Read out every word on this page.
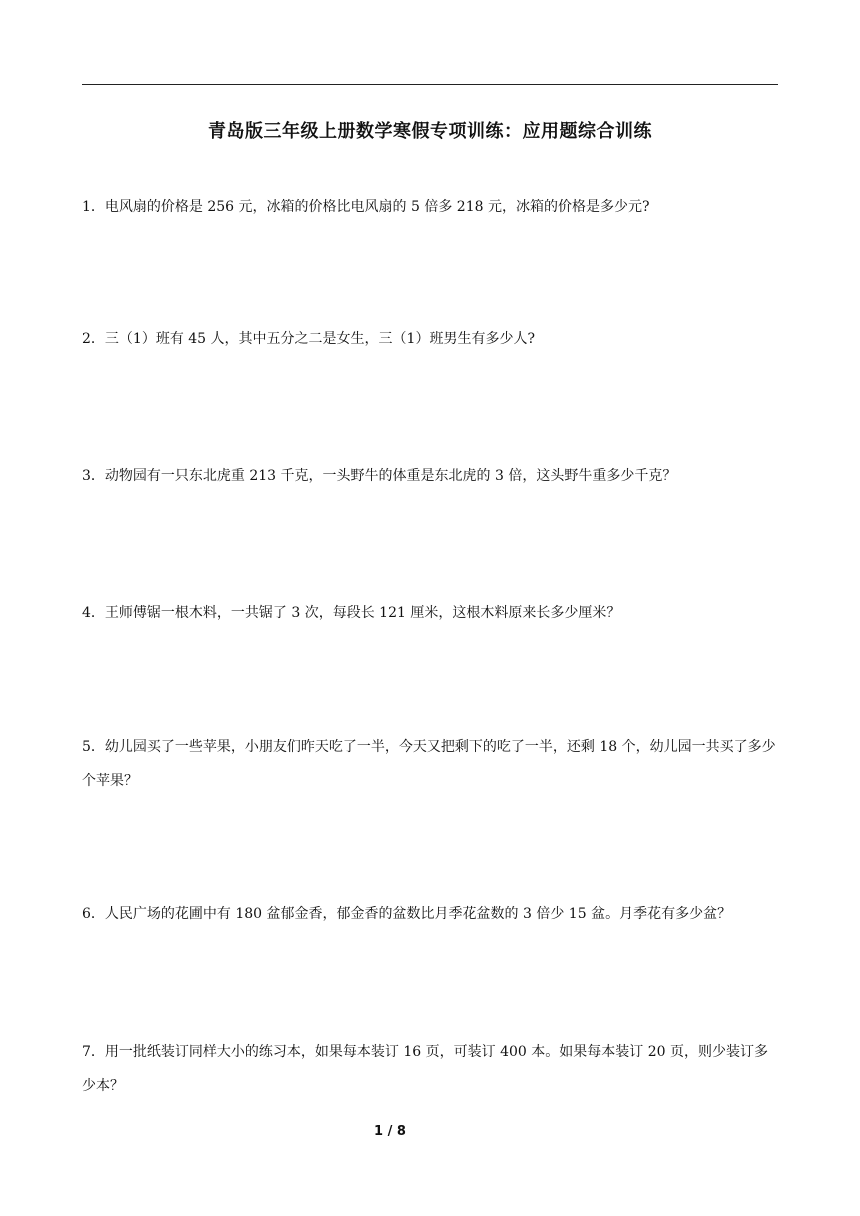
青岛版三年级上册数学寒假专项训练：应用题综合训练
1．电风扇的价格是 256 元，冰箱的价格比电风扇的 5 倍多 218 元，冰箱的价格是多少元?
2．三（1）班有 45 人，其中五分之二是女生，三（1）班男生有多少人?
3．动物园有一只东北虎重 213 千克，一头野牛的体重是东北虎的 3 倍，这头野牛重多少千克？
4．王师傅锯一根木料，一共锯了 3 次，每段长 121 厘米，这根木料原来长多少厘米？
5．幼儿园买了一些苹果，小朋友们昨天吃了一半，今天又把剩下的吃了一半，还剩 18 个，幼儿园一共买了多少个苹果？
6．人民广场的花圃中有 180 盆郁金香，郁金香的盆数比月季花盆数的 3 倍少 15 盆。月季花有多少盆？
7．用一批纸装订同样大小的练习本，如果每本装订 16 页，可装订 400 本。如果每本装订 20 页，则少装订多少本？
1 / 8
